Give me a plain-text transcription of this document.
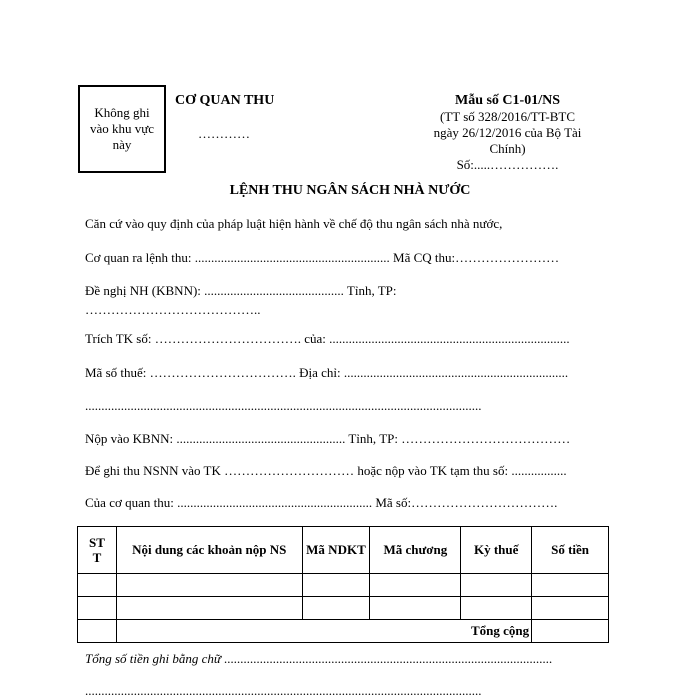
Không ghi
vào khu vực
này
CƠ QUAN THU
…………
Mẫu số C1-01/NS
(TT số 328/2016/TT-BTC
ngày 26/12/2016 của Bộ Tài
Chính)
Số:.....…………….
LỆNH THU NGÂN SÁCH NHÀ NƯỚC
Căn cứ vào quy định của pháp luật hiện hành về chế độ thu ngân sách nhà nước,
Cơ quan ra lệnh thu: ............................................................ Mã CQ thu:……………………
Đề nghị NH (KBNN): ........................................... Tỉnh, TP:
…………………………………..
Trích TK số: ……………………………. của: ..........................................................................
Mã số thuế: ……………………………. Địa chỉ: .....................................................................
..........................................................................................................................
Nộp vào KBNN: .................................................... Tỉnh, TP: …………………………………
Để ghi thu NSNN vào TK ………………………… hoặc nộp vào TK tạm thu số: .................
Của cơ quan thu: ............................................................ Mã số:…………………………….
ST T	Nội dung các khoản nộp NS	Mã NDKT	Mã chương	Kỳ thuế	Số tiền

	Tổng cộng				
Tổng số tiền ghi bằng chữ .....................................................................................................
..........................................................................................................................
